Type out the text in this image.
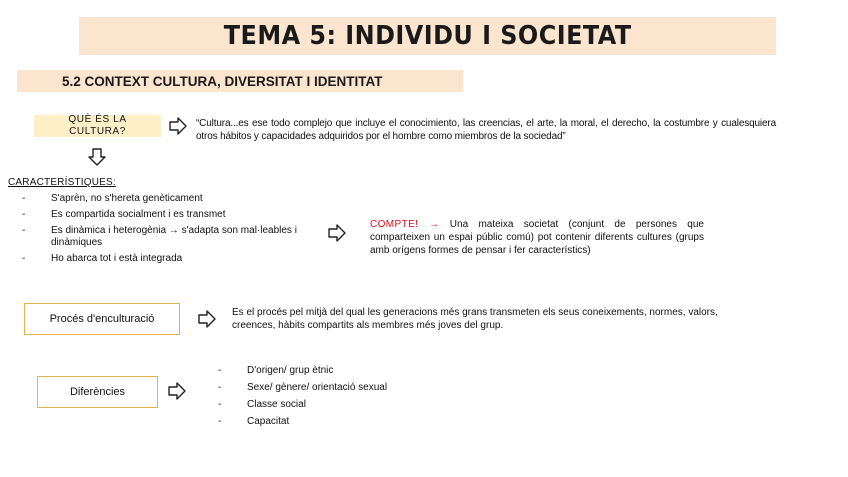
TEMA 5: INDIVIDU I SOCIETAT
5.2 CONTEXT CULTURA, DIVERSITAT I IDENTITAT
QUÈ ÉS LA CULTURA?
“Cultura...es ese todo complejo que incluye el conocimiento, las creencias, el arte, la moral, el derecho, la costumbre y cualesquiera otros hábitos y capacidades adquiridos por el hombre como miembros de la sociedad”
CARACTERÍSTIQUES:
- S'aprèn, no s'hereta genèticament
- Es compartida socialment i es transmet
- Es dinàmica i heterogènia → s'adapta son mal·leables i dinàmiques
- Ho abarca tot i està integrada
COMPTE! → Una mateixa societat (conjunt de persones que comparteixen un espai públic comú) pot contenir diferents cultures (grups amb orígens formes de pensar i fer característics)
Procés d'enculturació
Es el procés pel mitjà del qual les generacions més grans transmeten els seus coneixements, normes, valors, creences, hàbits compartits als membres més joves del grup.
Diferències
- D'origen/ grup ètnic
- Sexe/ gènere/ orientació sexual
- Classe social
- Capacitat
